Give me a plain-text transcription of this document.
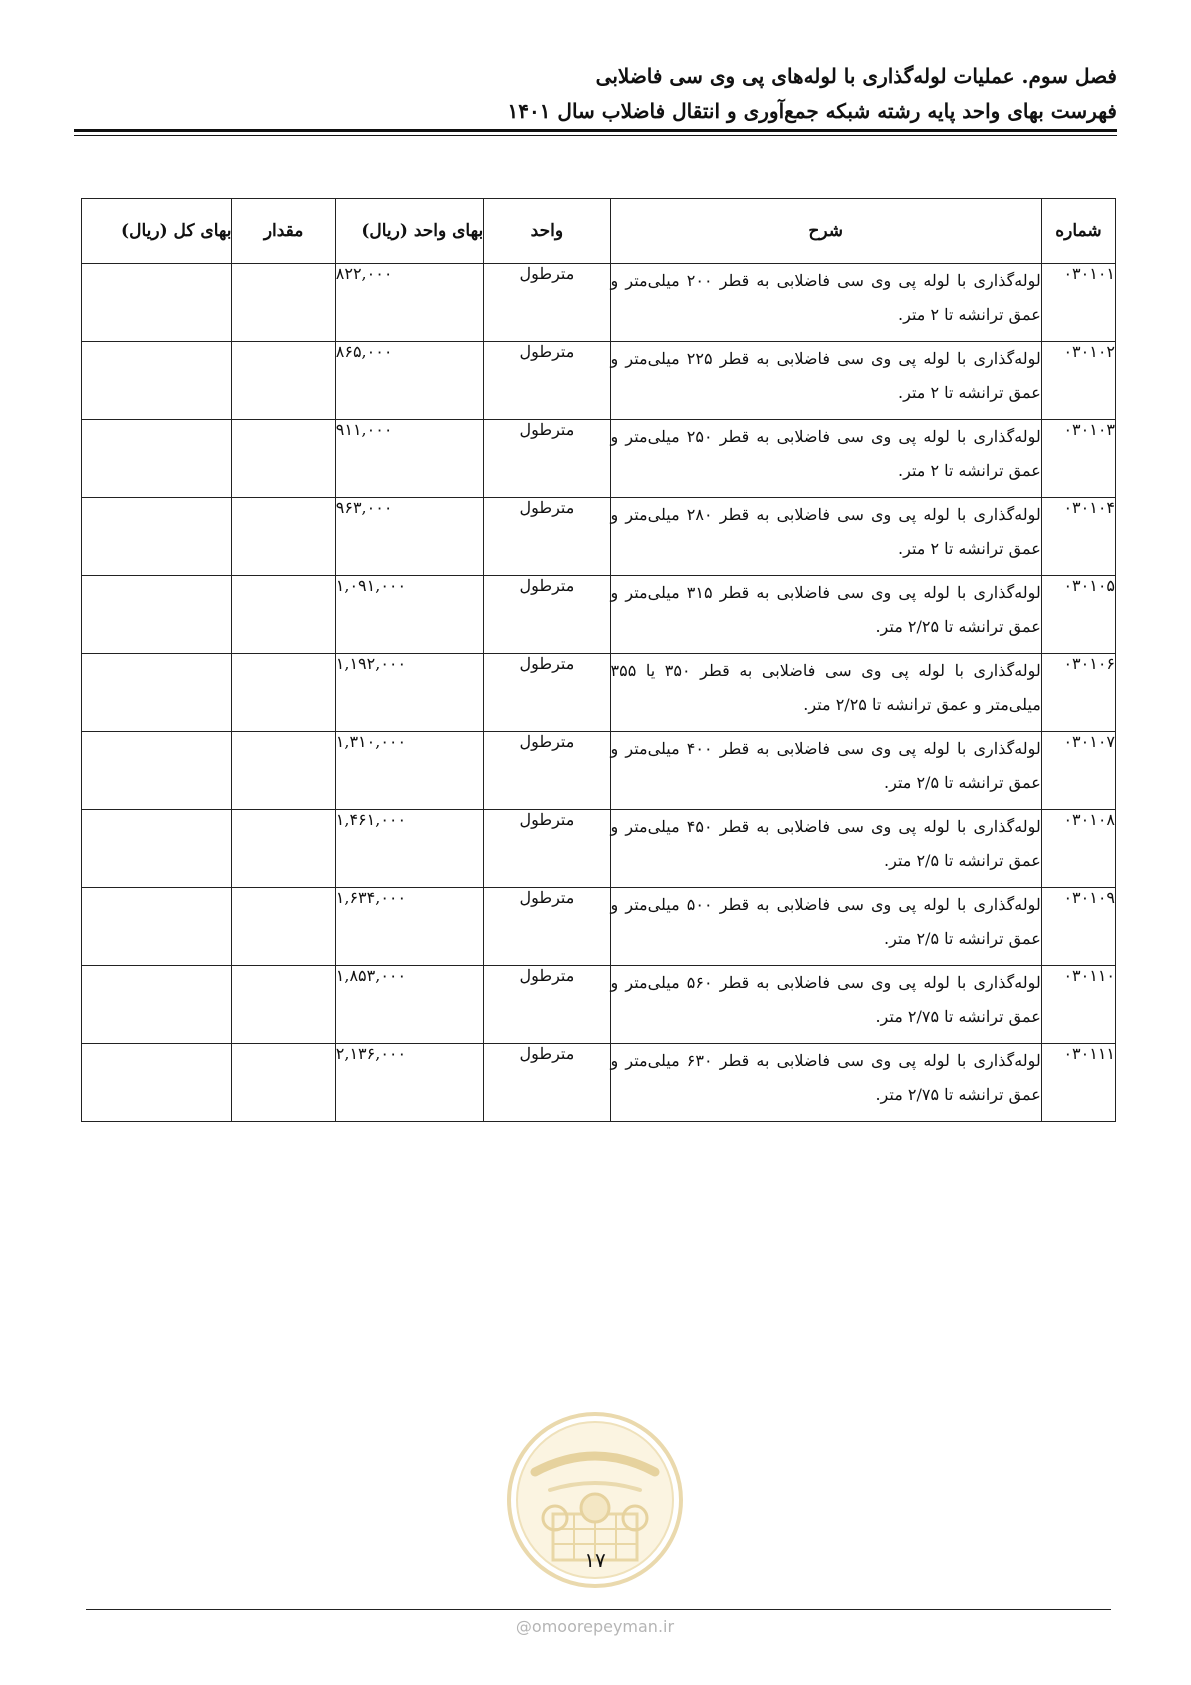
فصل سوم. عملیات لوله‌گذاری با لوله‌های پی وی سی فاضلابی
فهرست بهای واحد پایه رشته شبکه جمع‌آوری و انتقال فاضلاب سال ۱۴۰۱
شماره	شرح	واحد	بهای واحد (ریال)	مقدار	بهای کل (ریال)
۰۳۰۱۰۱	لوله‌گذاری با لوله پی وی سی فاضلابی به قطر ۲۰۰ میلی‌متر و عمق ترانشه تا ۲ متر.	مترطول	۸۲۲,۰۰۰		
۰۳۰۱۰۲	لوله‌گذاری با لوله پی وی سی فاضلابی به قطر ۲۲۵ میلی‌متر و عمق ترانشه تا ۲ متر.	مترطول	۸۶۵,۰۰۰		
۰۳۰۱۰۳	لوله‌گذاری با لوله پی وی سی فاضلابی به قطر ۲۵۰ میلی‌متر و عمق ترانشه تا ۲ متر.	مترطول	۹۱۱,۰۰۰		
۰۳۰۱۰۴	لوله‌گذاری با لوله پی وی سی فاضلابی به قطر ۲۸۰ میلی‌متر و عمق ترانشه تا ۲ متر.	مترطول	۹۶۳,۰۰۰		
۰۳۰۱۰۵	لوله‌گذاری با لوله پی وی سی فاضلابی به قطر ۳۱۵ میلی‌متر و عمق ترانشه تا ۲/۲۵ متر.	مترطول	۱,۰۹۱,۰۰۰		
۰۳۰۱۰۶	لوله‌گذاری با لوله پی وی سی فاضلابی به قطر ۳۵۰ یا ۳۵۵ میلی‌متر و عمق ترانشه تا ۲/۲۵ متر.	مترطول	۱,۱۹۲,۰۰۰		
۰۳۰۱۰۷	لوله‌گذاری با لوله پی وی سی فاضلابی به قطر ۴۰۰ میلی‌متر و عمق ترانشه تا ۲/۵ متر.	مترطول	۱,۳۱۰,۰۰۰		
۰۳۰۱۰۸	لوله‌گذاری با لوله پی وی سی فاضلابی به قطر ۴۵۰ میلی‌متر و عمق ترانشه تا ۲/۵ متر.	مترطول	۱,۴۶۱,۰۰۰		
۰۳۰۱۰۹	لوله‌گذاری با لوله پی وی سی فاضلابی به قطر ۵۰۰ میلی‌متر و عمق ترانشه تا ۲/۵ متر.	مترطول	۱,۶۳۴,۰۰۰		
۰۳۰۱۱۰	لوله‌گذاری با لوله پی وی سی فاضلابی به قطر ۵۶۰ میلی‌متر و عمق ترانشه تا ۲/۷۵ متر.	مترطول	۱,۸۵۳,۰۰۰		
۰۳۰۱۱۱	لوله‌گذاری با لوله پی وی سی فاضلابی به قطر ۶۳۰ میلی‌متر و عمق ترانشه تا ۲/۷۵ متر.	مترطول	۲,۱۳۶,۰۰۰		
۱۷
@omoorepeyman.ir
